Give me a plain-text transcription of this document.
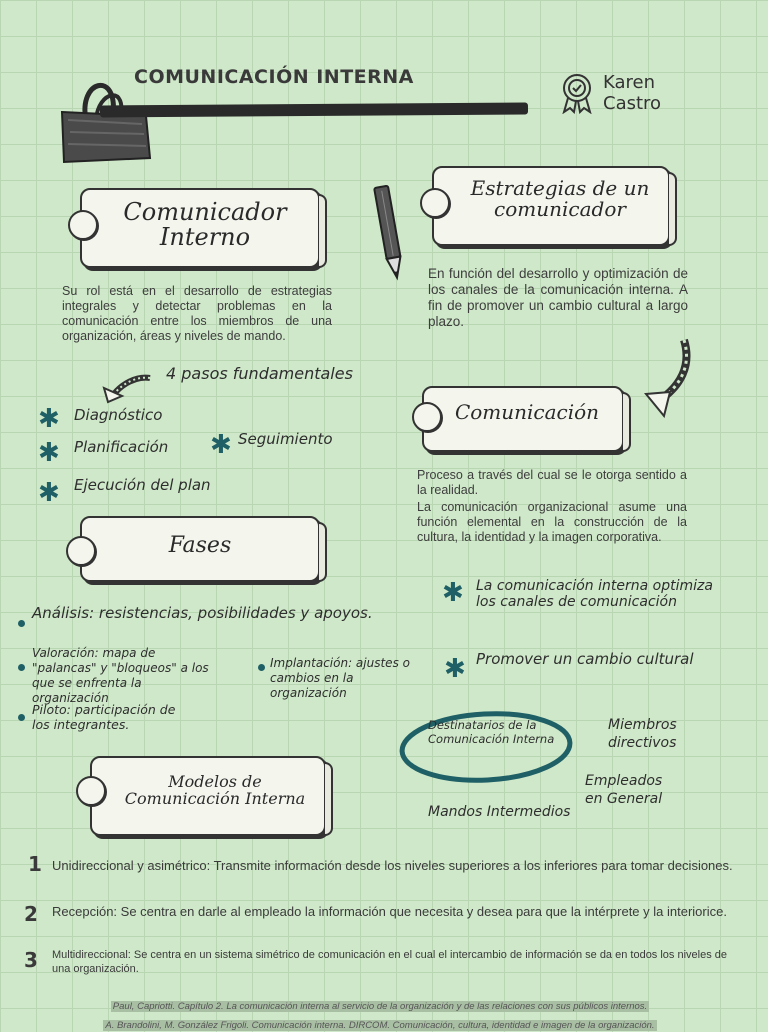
COMUNICACIÓN INTERNA	Karen
Castro
Comunicador Interno
Su rol está en el desarrollo de estrategias integrales y detectar problemas en la comunicación entre los miembros de una organización, áreas y niveles de mando.
Estrategias de un comunicador
En función del desarrollo y optimización de los canales de la comunicación interna. A fin de promover un cambio cultural a largo plazo.
4 pasos fundamentales
✱ Diagnóstico
✱ Planificación ✱ Seguimiento
✱ Ejecución del plan
Comunicación
Proceso a través del cual se le otorga sentido a la realidad.
La comunicación organizacional asume una función elemental en la construcción de la cultura, la identidad y la imagen corporativa.
Fases
✱ La comunicación interna optimiza los canales de comunicación
✱ Promover un cambio cultural
Análisis: resistencias, posibilidades y apoyos.
Valoración: mapa de "palancas" y "bloqueos" a los que se enfrenta la organización
Implantación: ajustes o cambios en la organización
Piloto: participación de los integrantes.	Destinatarios de la Comunicación Interna
Miembros directivos
Empleados en General
Mandos Intermedios
Modelos de Comunicación Interna
1 Unidireccional y asimétrico: Transmite información desde los niveles superiores a los inferiores para tomar decisiones.
2 Recepción: Se centra en darle al empleado la información que necesita y desea para que la intérprete y la interiorice.
3 Multidireccional: Se centra en un sistema simétrico de comunicación en el cual el intercambio de información se da en todos los niveles de una organización.
Paul, Capriotti. Capítulo 2. La comunicación interna al servicio de la organización y de las relaciones con sus públicos internos. A. Brandolini, M. González Frigoli. Comunicación interna. DIRCOM. Comunicación, cultura, identidad e imagen de la organización.
